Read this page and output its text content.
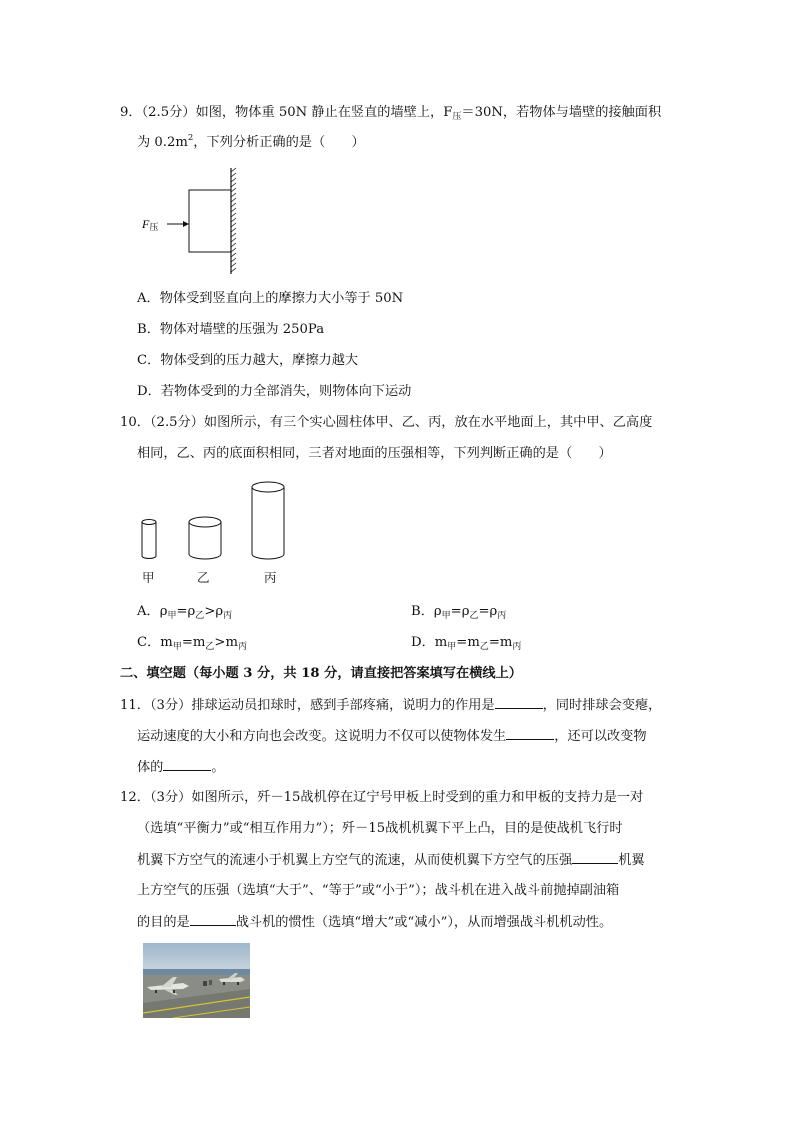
9．（2.5分）如图，物体重 50N 静止在竖直的墙壁上，$F_压=30N$，若物体与墙壁的接触面积
为 $0.2m^2$，下列分析正确的是（　　）
F压
A．物体受到竖直向上的摩擦力大小等于 50N
B．物体对墙壁的压强为 250Pa
C．物体受到的压力越大，摩擦力越大
D．若物体受到的力全部消失，则物体向下运动
10．（2.5分）如图所示，有三个实心圆柱体甲、乙、丙，放在水平地面上，其中甲、乙高度
相同，乙、丙的底面积相同，三者对地面的压强相等，下列判断正确的是（　　）
甲	乙	丙
A．$\rho_甲=\rho_乙>\rho_丙$	B．$\rho_甲=\rho_乙=\rho_丙$
C．$m_甲=m_乙>m_丙$	D．$m_甲=m_乙=m_丙$
二、填空题（每小题 3 分，共 18 分，请直接把答案填写在横线上）
11．（3分）排球运动员扣球时，感到手部疼痛，说明力的作用是	，同时排球会变瘪，
运动速度的大小和方向也会改变。这说明力不仅可以使物体发生	，还可以改变物
体的	。
12．（3分）如图所示，歼－15战机停在辽宁号甲板上时受到的重力和甲板的支持力是一对
（选填“平衡力”或“相互作用力”）；歼－15战机机翼下平上凸，目的是使战机飞行时
机翼下方空气的流速小于机翼上方空气的流速，从而使机翼下方空气的压强	机翼
上方空气的压强（选填“大于”、“等于”或“小于”）；战斗机在进入战斗前抛掉副油箱
的目的是	战斗机的惯性（选填“增大”或“减小”），从而增强战斗机机动性。
